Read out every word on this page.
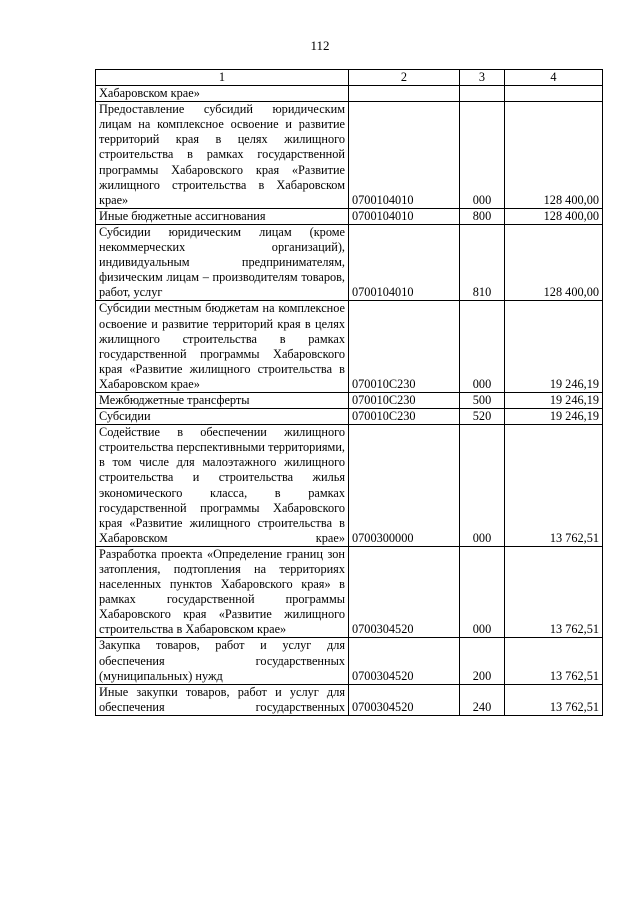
112
1	2	3	4
Хабаровском крае»			
Предоставление субсидий юридическим лицам на комплексное освоение и развитие территорий края в целях жилищного строительства в рамках государственной программы Хабаровского края «Развитие жилищного строительства в Хабаровском крае»	0700104010	000	128 400,00
Иные бюджетные ассигнования	0700104010	800	128 400,00
Субсидии юридическим лицам (кроме некоммерческих организаций), индивидуальным предпринимателям, физическим лицам – производителям товаров, работ, услуг	0700104010	810	128 400,00
Субсидии местным бюджетам на комплексное освоение и развитие территорий края в целях жилищного строительства в рамках государственной программы Хабаровского края «Развитие жилищного строительства в Хабаровском крае»	070010С230	000	19 246,19
Межбюджетные трансферты	070010С230	500	19 246,19
Субсидии	070010С230	520	19 246,19
Содействие в обеспечении жилищного строительства перспективными территориями, в том числе для малоэтажного жилищного строительства и строительства жилья экономического класса, в рамках государственной программы Хабаровского края «Развитие жилищного строительства в Хабаровском крае»	0700300000	000	13 762,51
Разработка проекта «Определение границ зон затопления, подтопления на территориях населенных пунктов Хабаровского края» в рамках государственной программы Хабаровского края «Развитие жилищного строительства в Хабаровском крае»	0700304520	000	13 762,51
Закупка товаров, работ и услуг для обеспечения государственных (муниципальных) нужд	0700304520	200	13 762,51

Иные закупки товаров, работ и услуг для обеспечения государственных	0700304520	240	13 762,51
